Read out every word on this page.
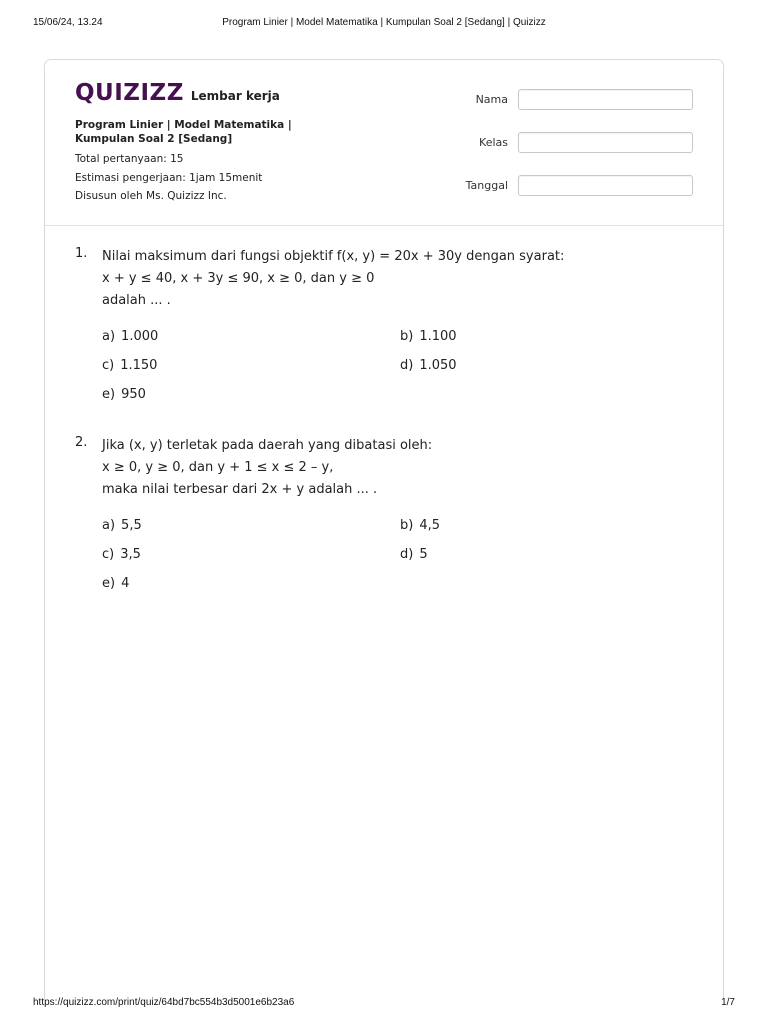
15/06/24, 13.24	Program Linier | Model Matematika | Kumpulan Soal 2 [Sedang] | Quizizz
QUIZIZZ Lembar kerja
Program Linier | Model Matematika |
Kumpulan Soal 2 [Sedang]
Total pertanyaan: 15
Estimasi pengerjaan: 1jam 15menit
Disusun oleh Ms. Quizizz Inc.
Nama
Kelas
Tanggal
1. Nilai maksimum dari fungsi objektif f(x, y) = 20x + 30y dengan syarat:
x + y ≤ 40, x + 3y ≤ 90, x ≥ 0, dan y ≥ 0
adalah ... .
a) 1.000	b) 1.100
c) 1.150	d) 1.050
e) 950
2. Jika (x, y) terletak pada daerah yang dibatasi oleh:
x ≥ 0, y ≥ 0, dan y + 1 ≤ x ≤ 2 – y,
maka nilai terbesar dari 2x + y adalah ... .
a) 5,5	b) 4,5
c) 3,5	d) 5
e) 4
https://quizizz.com/print/quiz/64bd7bc554b3d5001e6b23a6	1/7
